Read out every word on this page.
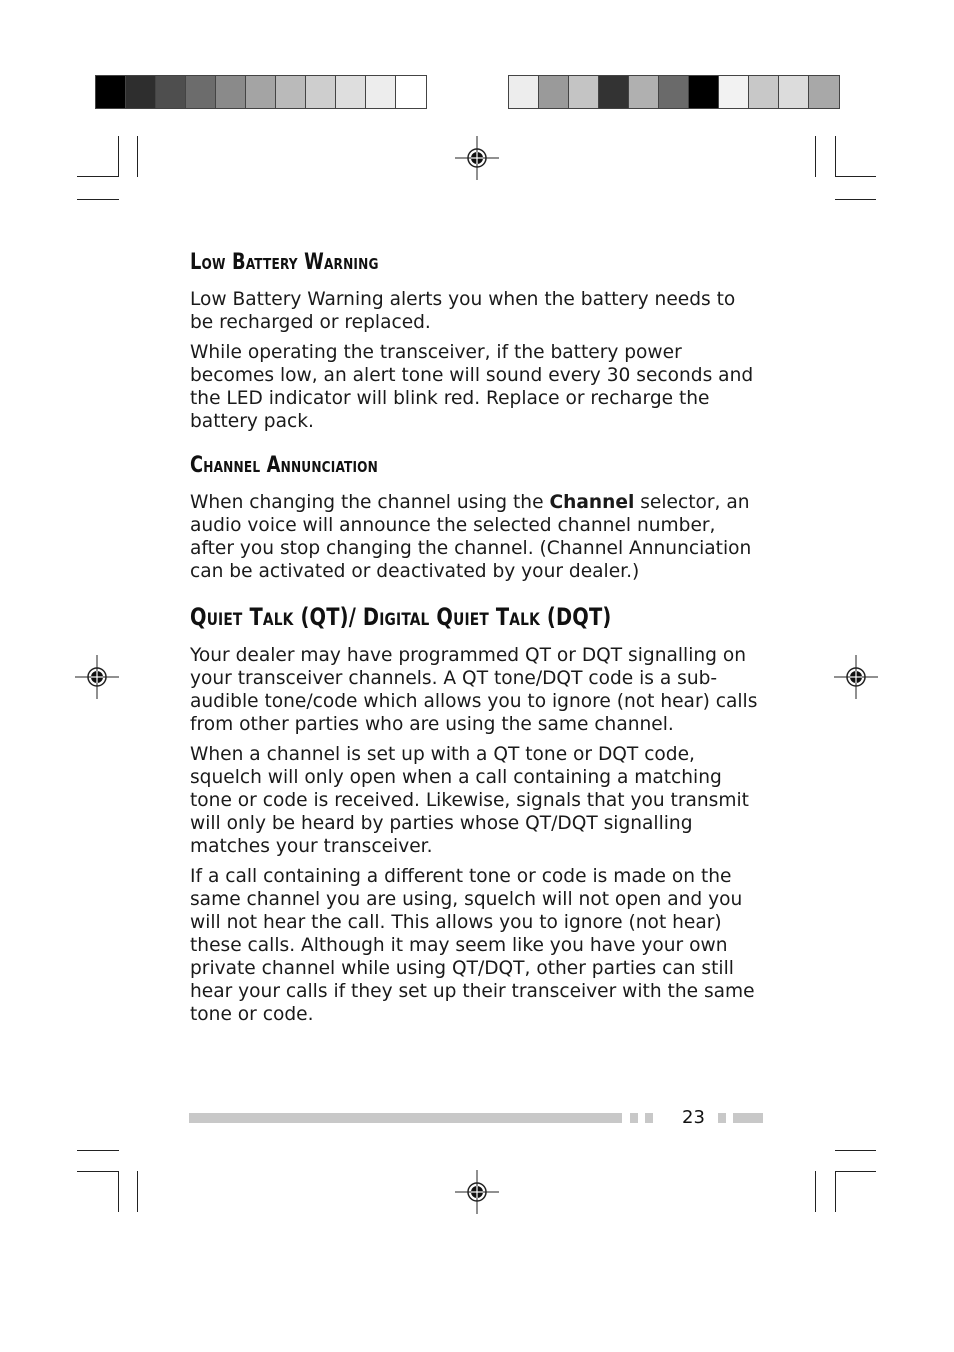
Low Battery Warning

Low Battery Warning alerts you when the battery needs to be recharged or replaced.

While operating the transceiver, if the battery power becomes low, an alert tone will sound every 30 seconds and the LED indicator will blink red. Replace or recharge the battery pack.

Channel Annunciation

When changing the channel using the Channel selector, an audio voice will announce the selected channel number, after you stop changing the channel. (Channel Annunciation can be activated or deactivated by your dealer.)

Quiet Talk (QT)/ Digital Quiet Talk (DQT)

Your dealer may have programmed QT or DQT signalling on your transceiver channels. A QT tone/DQT code is a sub-audible tone/code which allows you to ignore (not hear) calls from other parties who are using the same channel.

When a channel is set up with a QT tone or DQT code, squelch will only open when a call containing a matching tone or code is received. Likewise, signals that you transmit will only be heard by parties whose QT/DQT signalling matches your transceiver.

If a call containing a different tone or code is made on the same channel you are using, squelch will not open and you will not hear the call. This allows you to ignore (not hear) these calls. Although it may seem like you have your own private channel while using QT/DQT, other parties can still hear your calls if they set up their transceiver with the same tone or code.

23
